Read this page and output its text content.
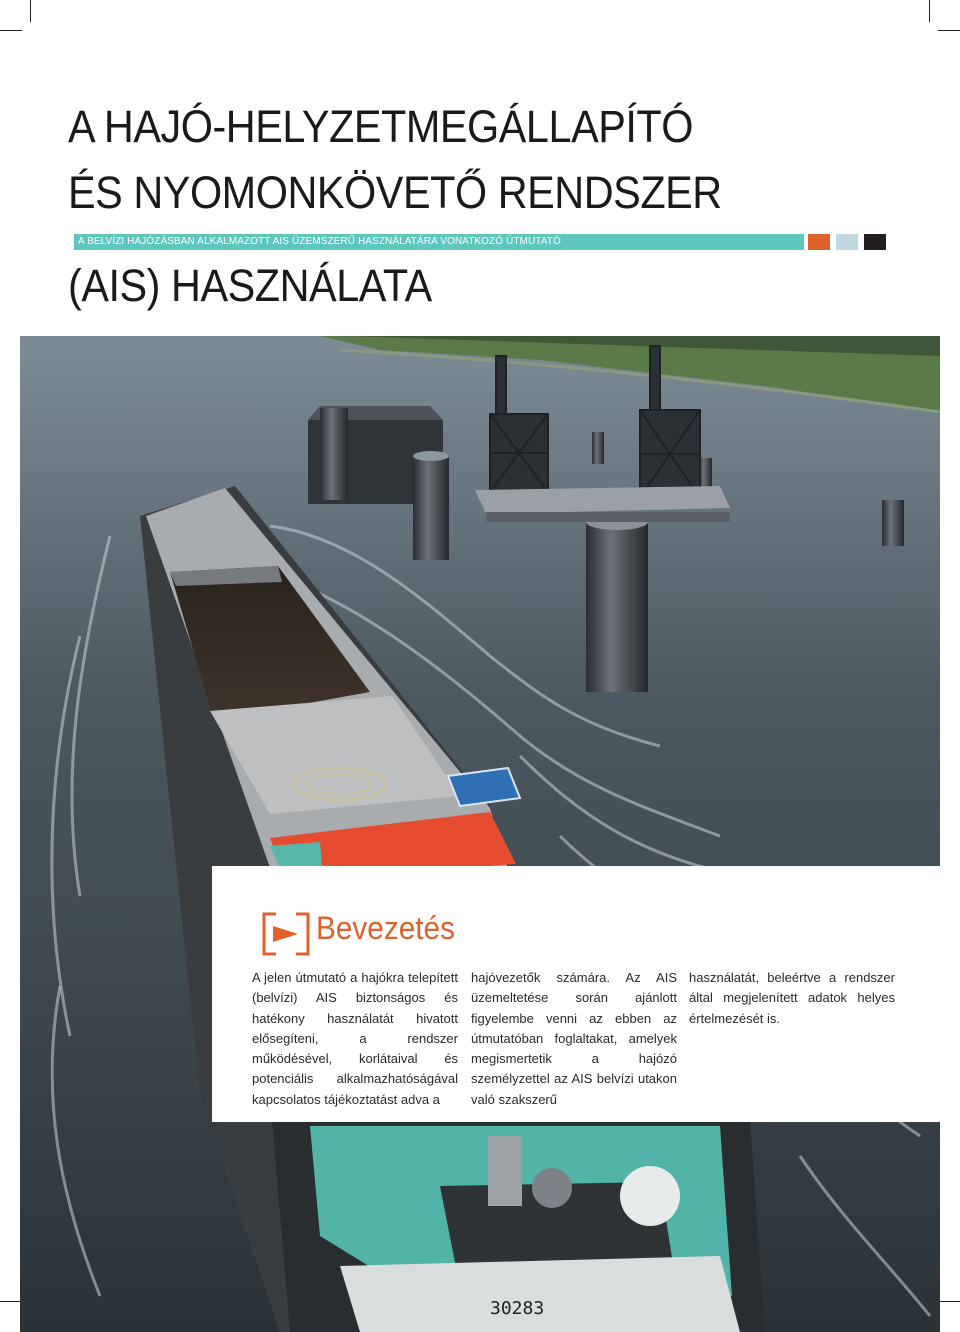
A HAJÓ-HELYZETMEGÁLLAPÍTÓ
ÉS NYOMONKÖVETŐ RENDSZER
A BELVÍZI HAJÓZÁSBAN ALKALMAZOTT AIS ÜZEMSZERŰ HASZNÁLATÁRA VONATKOZÓ ÚTMUTATÓ
(AIS) HASZNÁLATA
30283
Bevezetés

A jelen útmutató a hajókra telepített (belvízi) AIS biztonságos és hatékony használatát hivatott elősegíteni, a rendszer működésével, korlátaival és potenciális alkalmazhatóságával kapcsolatos tájékoztatást adva a

hajóvezetők számára. Az AIS üzemeltetése során ajánlott figyelembe venni az ebben az útmutatóban foglaltakat, amelyek megismertetik a hajózó személyzettel az AIS belvízi utakon való szakszerű

használatát, beleértve a rendszer által megjelenített adatok helyes értelmezését is.
